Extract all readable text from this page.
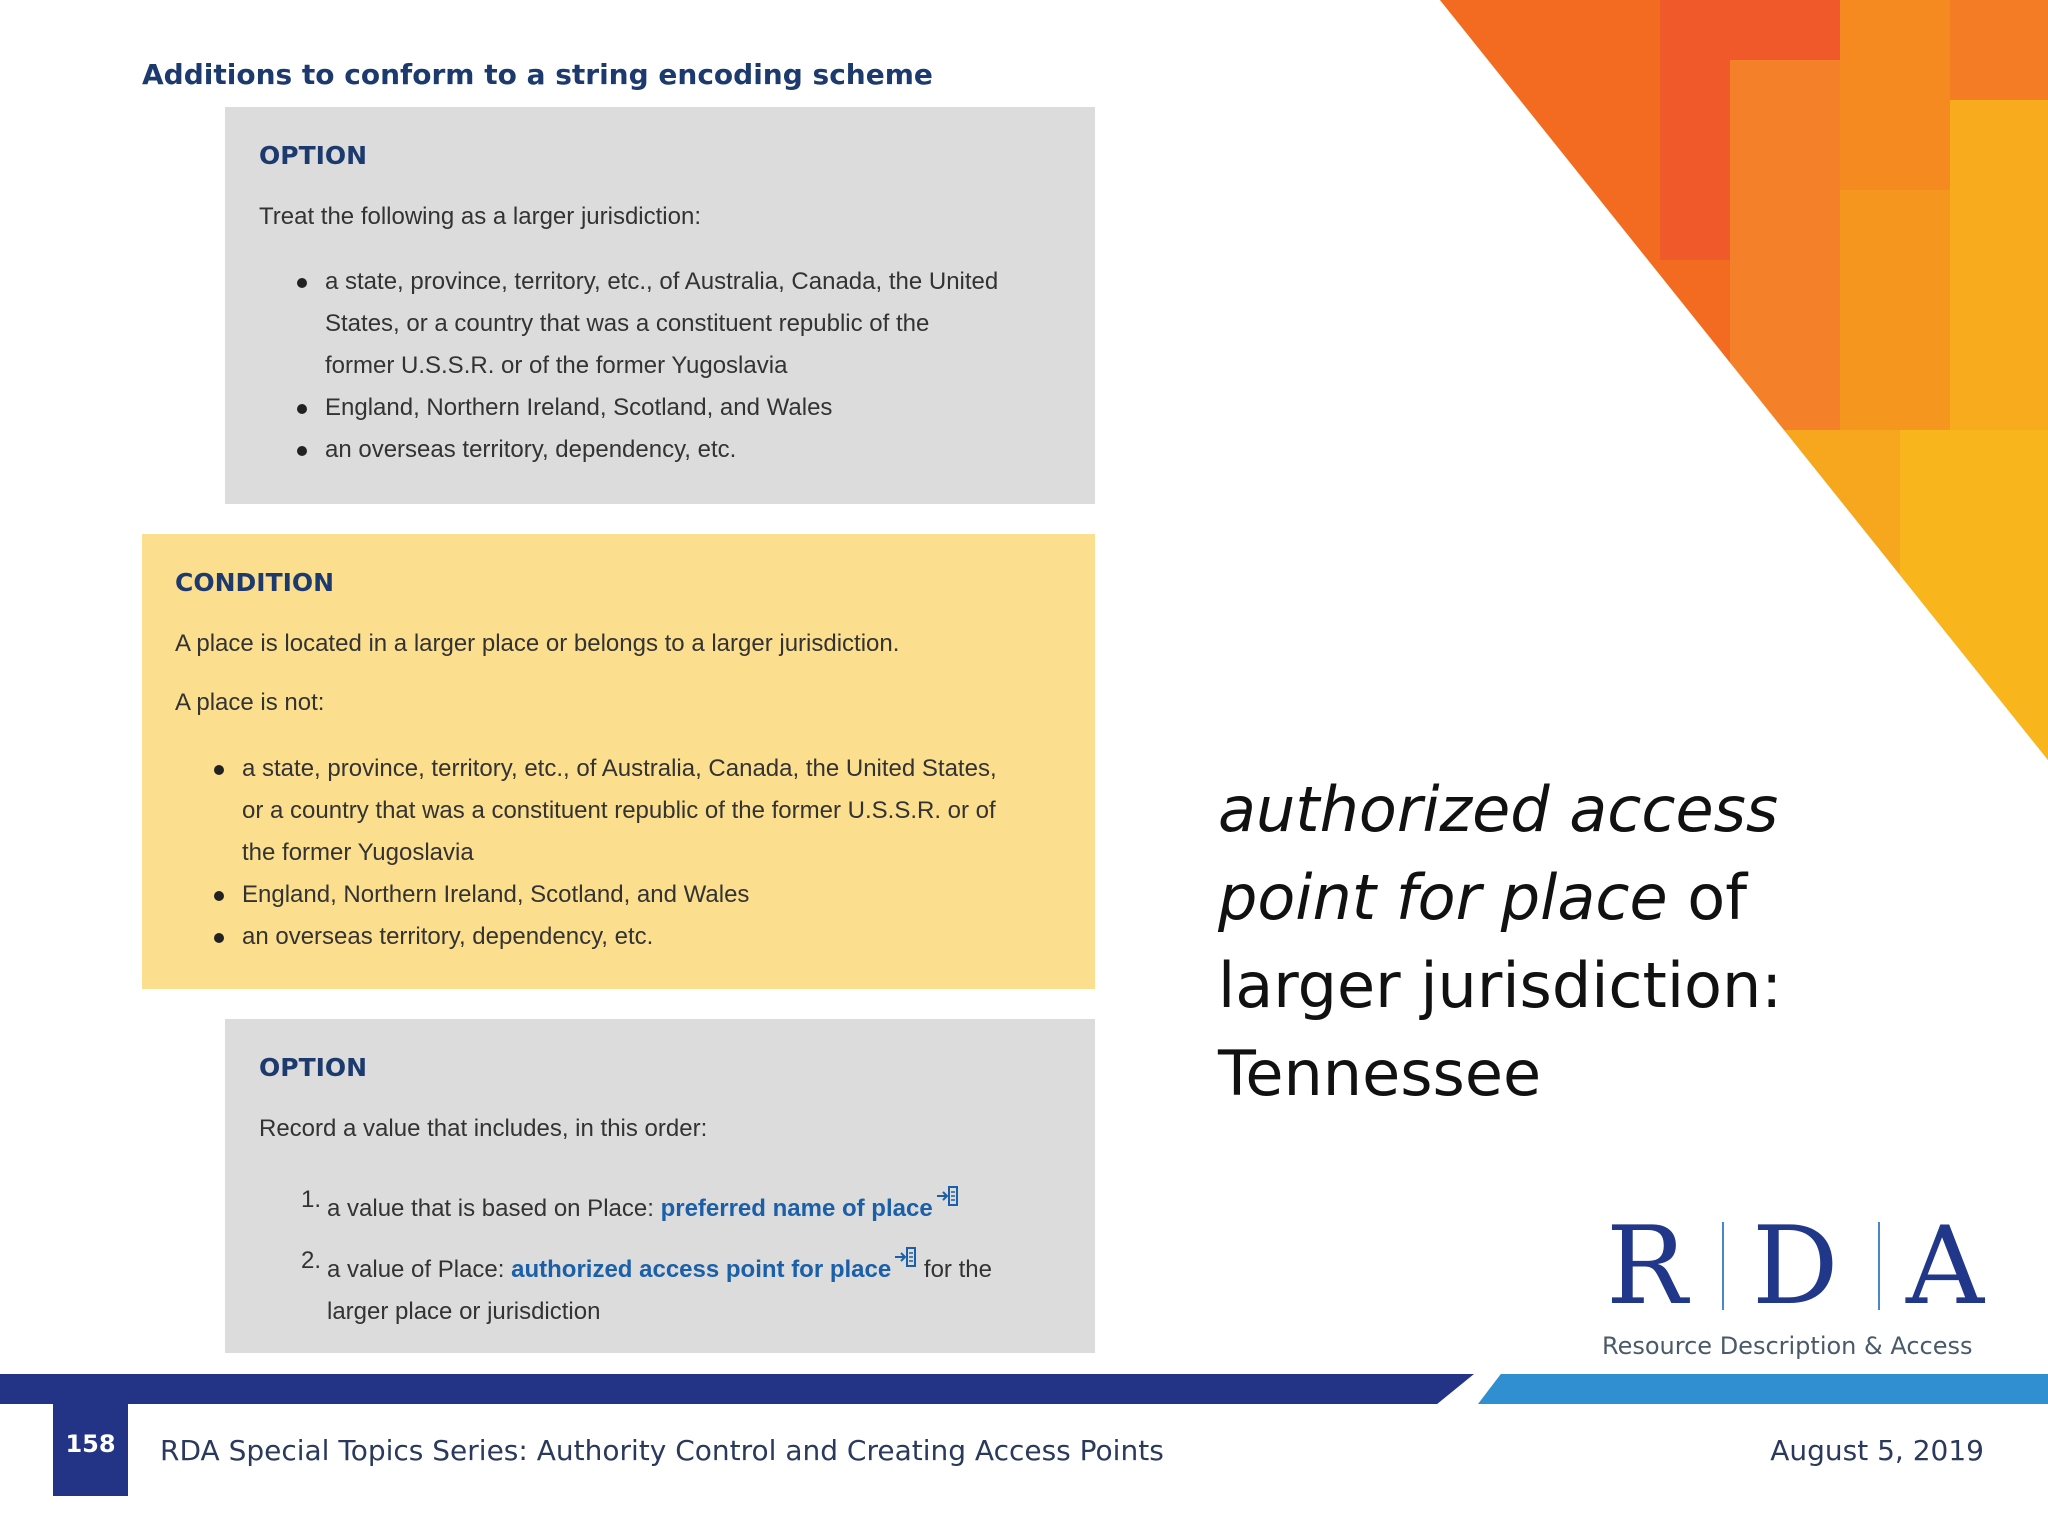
Additions to conform to a string encoding scheme
OPTION
Treat the following as a larger jurisdiction:
a state, province, territory, etc., of Australia, Canada, the United
States, or a country that was a constituent republic of the
former U.S.S.R. or of the former Yugoslavia
England, Northern Ireland, Scotland, and Wales
an overseas territory, dependency, etc.
CONDITION
A place is located in a larger place or belongs to a larger jurisdiction.
A place is not:
a state, province, territory, etc., of Australia, Canada, the United States,
or a country that was a constituent republic of the former U.S.S.R. or of
the former Yugoslavia
England, Northern Ireland, Scotland, and Wales
an overseas territory, dependency, etc.
OPTION
Record a value that includes, in this order:
1. a value that is based on Place: preferred name of place
2. a value of Place: authorized access point for place for the
larger place or jurisdiction
authorized access
point for place of
larger jurisdiction:
Tennessee
R D A
Resource Description & Access
158	RDA Special Topics Series: Authority Control and Creating Access Points	August 5, 2019
